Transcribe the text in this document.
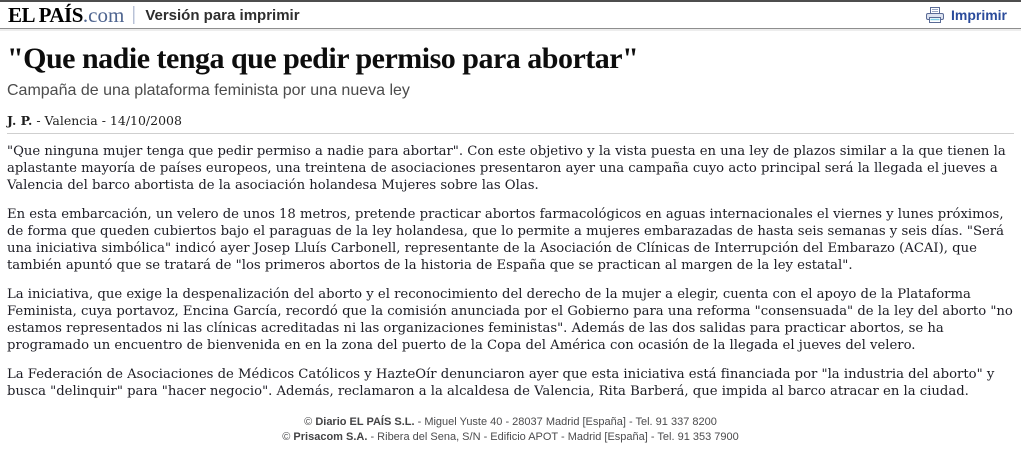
EL PAÍS .com Versión para imprimir	Imprimir
"Que nadie tenga que pedir permiso para abortar"
Campaña de una plataforma feminista por una nueva ley
J. P. - Valencia - 14/10/2008

"Que ninguna mujer tenga que pedir permiso a nadie para abortar". Con este objetivo y la vista puesta en una ley de plazos similar a la que tienen la aplastante mayoría de países europeos, una treintena de asociaciones presentaron ayer una campaña cuyo acto principal será la llegada el jueves a Valencia del barco abortista de la asociación holandesa Mujeres sobre las Olas.

En esta embarcación, un velero de unos 18 metros, pretende practicar abortos farmacológicos en aguas internacionales el viernes y lunes próximos, de forma que queden cubiertos bajo el paraguas de la ley holandesa, que lo permite a mujeres embarazadas de hasta seis semanas y seis días. "Será una iniciativa simbólica" indicó ayer Josep Lluís Carbonell, representante de la Asociación de Clínicas de Interrupción del Embarazo (ACAI), que también apuntó que se tratará de "los primeros abortos de la historia de España que se practican al margen de la ley estatal".

La iniciativa, que exige la despenalización del aborto y el reconocimiento del derecho de la mujer a elegir, cuenta con el apoyo de la Plataforma Feminista, cuya portavoz, Encina García, recordó que la comisión anunciada por el Gobierno para una reforma "consensuada" de la ley del aborto "no estamos representados ni las clínicas acreditadas ni las organizaciones feministas". Además de las dos salidas para practicar abortos, se ha programado un encuentro de bienvenida en en la zona del puerto de la Copa del América con ocasión de la llegada el jueves del velero.

La Federación de Asociaciones de Médicos Católicos y HazteOír denunciaron ayer que esta iniciativa está financiada por "la industria del aborto" y busca "delinquir" para "hacer negocio". Además, reclamaron a la alcaldesa de Valencia, Rita Barberá, que impida al barco atracar en la ciudad.

© Diario EL PAÍS S.L. - Miguel Yuste 40 - 28037 Madrid [España] - Tel. 91 337 8200
© Prisacom S.A. - Ribera del Sena, S/N - Edificio APOT - Madrid [España] - Tel. 91 353 7900
